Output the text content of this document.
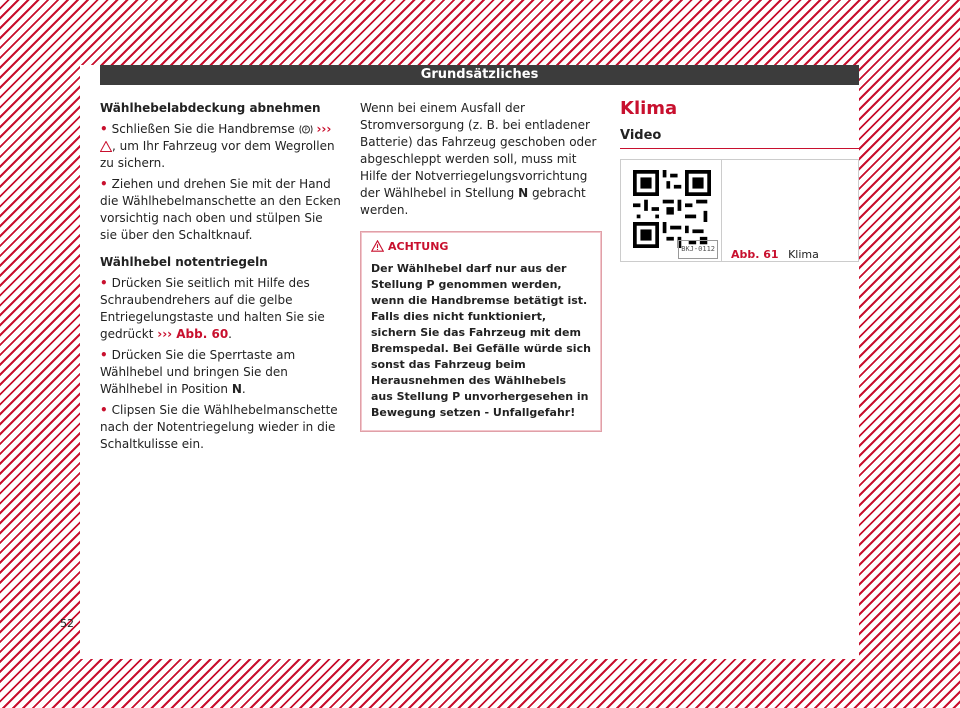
Grundsätzliches
Wählhebelabdeckung abnehmen
• Schließen Sie die Handbremse P ››› , um Ihr Fahrzeug vor dem Wegrollen zu sichern.
• Ziehen und drehen Sie mit der Hand die Wählhebelmanschette an den Ecken vorsichtig nach oben und stülpen Sie sie über den Schaltknauf.
Wählhebel notentriegeln
• Drücken Sie seitlich mit Hilfe des Schraubendrehers auf die gelbe Entriegelungstaste und halten Sie sie gedrückt ››› Abb. 60.
• Drücken Sie die Sperrtaste am Wählhebel und bringen Sie den Wählhebel in Position N.
• Clipsen Sie die Wählhebelmanschette nach der Notentriegelung wieder in die Schaltkulisse ein.
Wenn bei einem Ausfall der Stromversorgung (z. B. bei entladener Batterie) das Fahrzeug geschoben oder abgeschleppt werden soll, muss mit Hilfe der Notverriegelungsvorrichtung der Wählhebel in Stellung N gebracht werden.
ACHTUNG
Der Wählhebel darf nur aus der Stellung P genommen werden, wenn die Handbremse betätigt ist. Falls dies nicht funktioniert, sichern Sie das Fahrzeug mit dem Bremspedal. Bei Gefälle würde sich sonst das Fahrzeug beim Herausnehmen des Wählhebels aus Stellung P unvorhergesehen in Bewegung setzen - Unfallgefahr!
Klima
Video
BKJ-0112 Abb. 61 Klima
52
